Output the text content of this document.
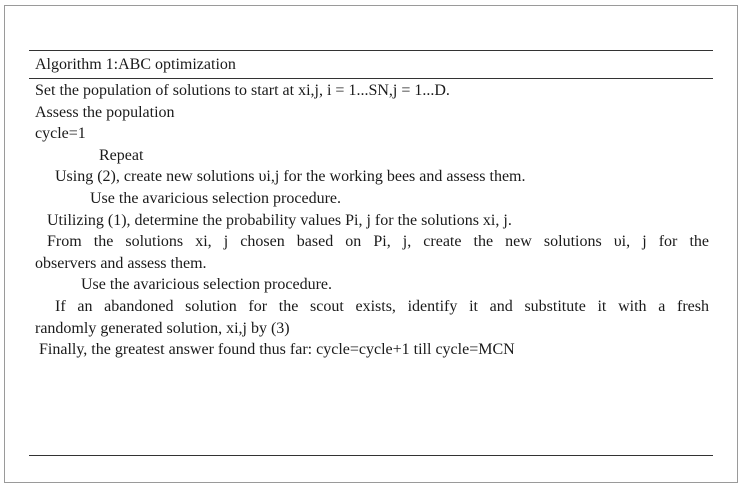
Algorithm 1:ABC optimization
Set the population of solutions to start at xi,j, i = 1...SN,j = 1...D.
Assess the population
cycle=1
Repeat
Using (2), create new solutions υi,j for the working bees and assess them.
Use the avaricious selection procedure.
Utilizing (1), determine the probability values Pi, j for the solutions xi, j.
From the solutions xi, j chosen based on Pi, j, create the new solutions υi, j for the
observers and assess them.
Use the avaricious selection procedure.
If an abandoned solution for the scout exists, identify it and substitute it with a fresh
randomly generated solution, xi,j by (3)
Finally, the greatest answer found thus far: cycle=cycle+1 till cycle=MCN
